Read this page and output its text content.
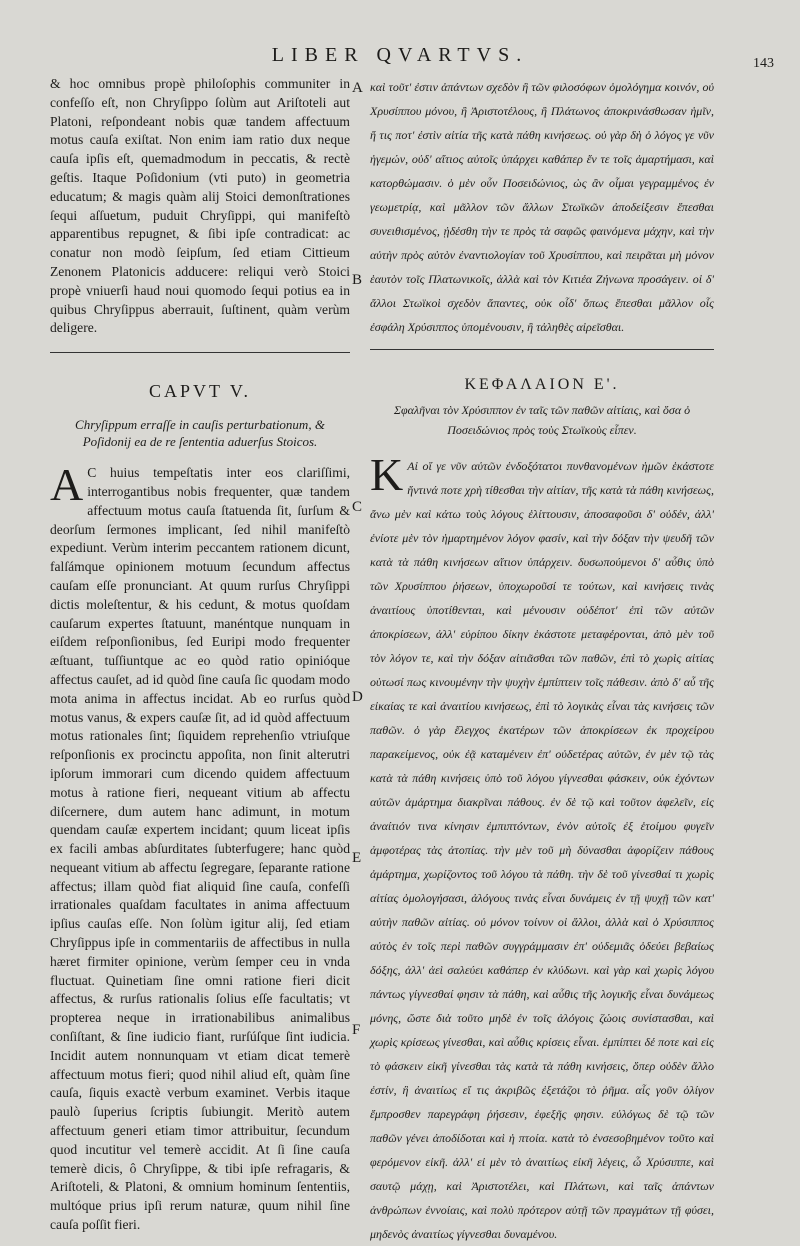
LIBER QVARTVS.	143
A
B
C
D
E
F

& hoc omnibus propè philoſophis communiter in confeſſo eſt, non Chryſippo ſolùm aut Ariſtoteli aut Platoni, reſpondeant nobis quæ tandem affectuum motus cauſa exiſtat. Non enim iam ratio dux neque cauſa ipſis eſt, quemadmodum in peccatis, & rectè geſtis. Itaque Poſidonium (vti puto) in geometria educatum; & magis quàm alij Stoici demonſtrationes ſequi aſſuetum, puduit Chryſippi, qui manifeſtò apparentibus repugnet, & ſibi ipſe contradicat: ac conatur non modò ſeipſum, ſed etiam Cittieum Zenonem Platonicis adducere: reliqui verò Stoici propè vniuerſi haud noui quomodo ſequi potius ea in quibus Chryſippus aberrauit, ſuſtinent, quàm verùm deligere.

CAPVT V.
Chryſippum erraſſe in cauſis perturbationum, & Poſidonij ea de re ſententia aduerſus Stoicos.

A C huius tempeſtatis inter eos clariſſimi, interrogantibus nobis frequenter, quæ tandem affectuum motus cauſa ſtatuenda ſit, ſurſum & deorſum ſermones implicant, ſed nihil manifeſtò expediunt. Verùm interim peccantem rationem dicunt, falſámque opinionem motuum ſecundum affectus cauſam eſſe pronunciant. At quum rurſus Chryſippi dictis moleſtentur, & his cedunt, & motus quoſdam cauſarum expertes ſtatuunt, manéntque nunquam in eiſdem reſponſionibus, ſed Euripi modo frequenter æſtuant, tuſſiuntque ac eo quòd ratio opinióque affectus cauſet, ad id quòd ſine cauſa ſic quodam modo mota anima in affectus incidat. Ab eo rurſus quòd motus vanus, & expers cauſæ ſit, ad id quòd affectuum motus rationales ſint; ſiquidem reprehenſio vtriuſque reſponſionis ex procinctu appoſita, non ſinit alterutri ipſorum immorari cum dicendo quidem affectuum motus à ratione fieri, nequeant vitium ab affectu diſcernere, dum autem hanc adimunt, in motum quendam cauſæ expertem incidant; quum liceat ipſis ex facili ambas abſurditates ſubterfugere; hanc quòd nequeant vitium ab affectu ſegregare, ſeparante ratione affectus; illam quòd fiat aliquid ſine cauſa, confeſſi irrationales quaſdam facultates in anima affectuum ipſius cauſas eſſe. Non ſolùm igitur alij, ſed etiam Chryſippus ipſe in commentariis de affectibus in nulla hæret firmiter opinione, verùm ſemper ceu in vnda fluctuat. Quinetiam ſine omni ratione fieri dicit affectus, & rurſus rationalis ſolius eſſe facultatis; vt propterea neque in irrationabilibus animalibus conſiſtant, & ſine iudicio fiant, rurſúſque ſint iudicia. Incidit autem nonnunquam vt etiam dicat temerè affectuum motus fieri; quod nihil aliud eſt, quàm ſine cauſa, ſiquis exactè verbum examinet. Verbis itaque paulò ſuperius ſcriptis ſubiungit. Meritò autem affectuum generi etiam timor attribuitur, ſecundum quod incutitur vel temerè accidit. At ſi ſine cauſa temerè dicis, ô Chryſippe, & tibi ipſe refragaris, & Ariſtoteli, & Platoni, & omnium hominum ſententiis, multóque prius ipſi rerum naturæ, quum nihil ſine cauſa poſſit fieri.

καὶ τοῦτ' ἐστιν ἁπάντων σχεδὸν ἢ τῶν φιλοσόφων ὁμολόγημα κοινόν, οὐ Χρυσίππου μόνου, ἢ Ἀριστοτέλους, ἢ Πλάτωνος ἀποκρινάσθωσαν ἡμῖν, ἥ τις ποτ' ἐστὶν αἰτία τῆς κατὰ πάθη κινήσεως. οὐ γὰρ δὴ ὁ λόγος γε νῦν ἡγεμών, οὐδ' αἴτιος αὐτοῖς ὑπάρχει καθάπερ ἔν τε τοῖς ἁμαρτήμασι, καὶ κατορθώμασιν. ὁ μὲν οὖν Ποσειδώνιος, ὡς ἂν οἶμαι γεγραμμένος ἐν γεωμετρίᾳ, καὶ μᾶλλον τῶν ἄλλων Στωϊκῶν ἀποδείξεσιν ἕπεσθαι συνειθισμένος, ᾐδέσθη τὴν τε πρὸς τὰ σαφῶς φαινόμενα μάχην, καὶ τὴν αὐτὴν πρὸς αὑτὸν ἐναντιολογίαν τοῦ Χρυσίππου, καὶ πειρᾶται μὴ μόνον ἑαυτὸν τοῖς Πλατωνικοῖς, ἀλλὰ καὶ τὸν Κιτιέα Ζήνωνα προσάγειν. οἱ δ' ἄλλοι Στωϊκοὶ σχεδὸν ἅπαντες, οὐκ οἶδ' ὅπως ἕπεσθαι μᾶλλον οἷς ἐσφάλη Χρύσιππος ὑπομένουσιν, ἢ τἀληθὲς αἱρεῖσθαι.

ΚΕΦΑΛΑΙΟΝ Ε'.
Σφαλῆναι τὸν Χρύσιππον ἐν ταῖς τῶν παθῶν αἰτίαις, καὶ ὅσα ὁ Ποσειδώνιος πρὸς τοὺς Στωϊκοὺς εἶπεν.

Κ Αἱ οἵ γε νῦν αὐτῶν ἐνδοξότατοι πυνθανομένων ἡμῶν ἑκάστοτε ἥντινά ποτε χρὴ τίθεσθαι τὴν αἰτίαν, τῆς κατὰ τὰ πάθη κινήσεως, ἄνω μὲν καὶ κάτω τοὺς λόγους ἑλίττουσιν, ἀποσαφοῦσι δ' οὐδέν, ἀλλ' ἐνίοτε μὲν τὸν ἡμαρτημένον λόγον φασίν, καὶ τὴν δόξαν τὴν ψευδῆ τῶν κατὰ τὰ πάθη κινήσεων αἴτιον ὑπάρχειν. δυσωπούμενοι δ' αὖθις ὑπὸ τῶν Χρυσίππου ῥήσεων, ὑποχωροῦσί τε τούτων, καὶ κινήσεις τινὰς ἀναιτίους ὑποτίθενται, καὶ μένουσιν οὐδέποτ' ἐπὶ τῶν αὐτῶν ἀποκρίσεων, ἀλλ' εὐρίπου δίκην ἑκάστοτε μεταφέρονται, ἀπὸ μὲν τοῦ τὸν λόγον τε, καὶ τὴν δόξαν αἰτιᾶσθαι τῶν παθῶν, ἐπὶ τὸ χωρὶς αἰτίας οὑτωσί πως κινουμένην τὴν ψυχὴν ἐμπίπτειν τοῖς πάθεσιν. ἀπὸ δ' αὖ τῆς εἰκαίας τε καὶ ἀναιτίου κινήσεως, ἐπὶ τὸ λογικὰς εἶναι τὰς κινήσεις τῶν παθῶν. ὁ γὰρ ἔλεγχος ἑκατέρων τῶν ἀποκρίσεων ἐκ προχείρου παρακείμενος, οὐκ ἐᾷ καταμένειν ἐπ' οὐδετέρας αὐτῶν, ἐν μὲν τῷ τὰς κατὰ τὰ πάθη κινήσεις ὑπὸ τοῦ λόγου γίγνεσθαι φάσκειν, οὐκ ἐχόντων αὐτῶν ἁμάρτημα διακρῖναι πάθους. ἐν δὲ τῷ καὶ τοῦτον ἀφελεῖν, εἰς ἀναίτιόν τινα κίνησιν ἐμπιπτόντων, ἐνὸν αὐτοῖς ἐξ ἑτοίμου φυγεῖν ἀμφοτέρας τὰς ἀτοπίας. τὴν μὲν τοῦ μὴ δύνασθαι ἀφορίζειν πάθους ἁμάρτημα, χωρίζοντος τοῦ λόγου τὰ πάθη. τὴν δὲ τοῦ γίνεσθαί τι χωρὶς αἰτίας ὁμολογήσασι, ἀλόγους τινὰς εἶναι δυνάμεις ἐν τῇ ψυχῇ τῶν κατ' αὐτὴν παθῶν αἰτίας. οὐ μόνον τοίνυν οἱ ἄλλοι, ἀλλὰ καὶ ὁ Χρύσιππος αὐτὸς ἐν τοῖς περὶ παθῶν συγγράμμασιν ἐπ' οὐδεμιᾶς ὁδεύει βεβαίως δόξης, ἀλλ' ἀεὶ σαλεύει καθάπερ ἐν κλύδωνι. καὶ γὰρ καὶ χωρὶς λόγου πάντως γίγνεσθαί φησιν τὰ πάθη, καὶ αὖθις τῆς λογικῆς εἶναι δυνάμεως μόνης, ὥστε διὰ τοῦτο μηδὲ ἐν τοῖς ἀλόγοις ζώοις συνίστασθαι, καὶ χωρὶς κρίσεως γίνεσθαι, καὶ αὖθις κρίσεις εἶναι. ἐμπίπτει δέ ποτε καὶ εἰς τὸ φάσκειν εἰκῆ γίνεσθαι τὰς κατὰ τὰ πάθη κινήσεις, ὅπερ οὐδὲν ἄλλο ἐστίν, ἢ ἀναιτίως εἴ τις ἀκριβῶς ἐξετάζοι τὸ ῥῆμα. αἷς γοῦν ὀλίγον ἔμπροσθεν παρεγράφη ῥήσεσιν, ἐφεξῆς φησιν. εὐλόγως δὲ τῷ τῶν παθῶν γένει ἀποδίδοται καὶ ἡ πτοία. κατὰ τὸ ἐνσεσοβημένον τοῦτο καὶ φερόμενον εἰκῆ. ἀλλ' εἰ μὲν τὸ ἀναιτίως εἰκῆ λέγεις, ὦ Χρύσιππε, καὶ σαυτῷ μάχῃ, καὶ Ἀριστοτέλει, καὶ Πλάτωνι, καὶ ταῖς ἁπάντων ἀνθρώπων ἐννοίαις, καὶ πολὺ πρότερον αὐτῇ τῶν πραγμάτων τῇ φύσει, μηδενὸς ἀναιτίως γίγνεσθαι δυναμένου.
